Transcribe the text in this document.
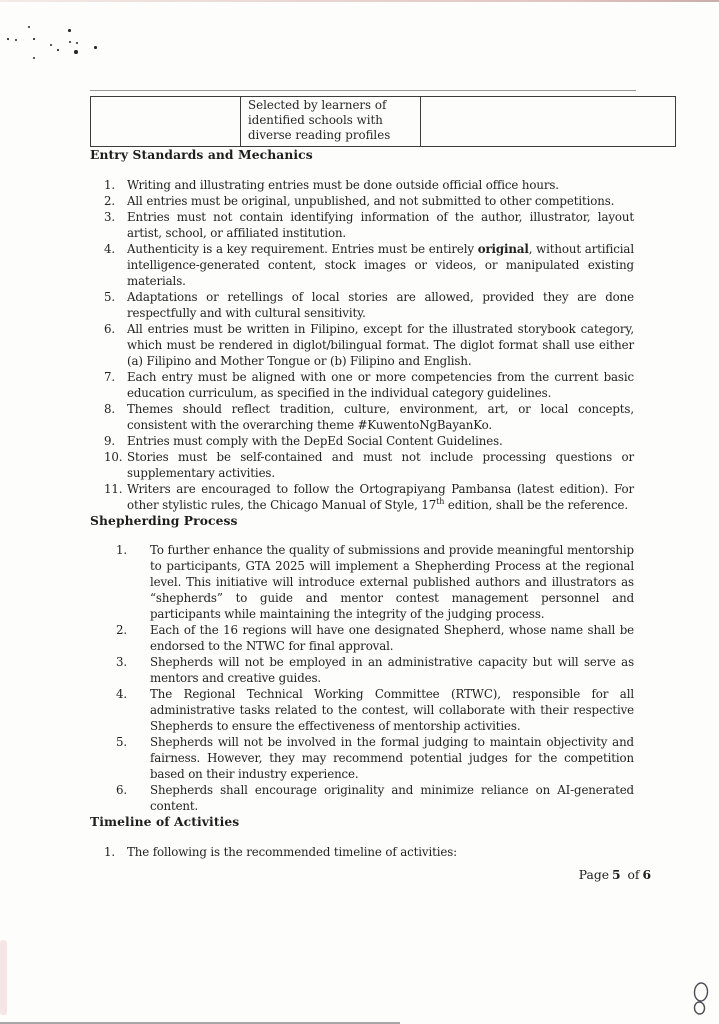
	Selected by learners of identified schools with diverse reading profiles	
Entry Standards and Mechanics
1.	Writing and illustrating entries must be done outside official office hours.
2.	All entries must be original, unpublished, and not submitted to other competitions.
3.	Entries must not contain identifying information of the author, illustrator, layout artist, school, or affiliated institution.
4.	Authenticity is a key requirement. Entries must be entirely original, without artificial intelligence-generated content, stock images or videos, or manipulated existing materials.
5.	Adaptations or retellings of local stories are allowed, provided they are done respectfully and with cultural sensitivity.
6.	All entries must be written in Filipino, except for the illustrated storybook category, which must be rendered in diglot/bilingual format. The diglot format shall use either (a) Filipino and Mother Tongue or (b) Filipino and English.
7.	Each entry must be aligned with one or more competencies from the current basic education curriculum, as specified in the individual category guidelines.
8.	Themes should reflect tradition, culture, environment, art, or local concepts, consistent with the overarching theme #KuwentoNgBayanKo.
9.	Entries must comply with the DepEd Social Content Guidelines.
10. Stories must be self-contained and must not include processing questions or supplementary activities.
11. Writers are encouraged to follow the Ortograpiyang Pambansa (latest edition). For other stylistic rules, the Chicago Manual of Style, 17th edition, shall be the reference.
Shepherding Process
1.	To further enhance the quality of submissions and provide meaningful mentorship to participants, GTA 2025 will implement a Shepherding Process at the regional level. This initiative will introduce external published authors and illustrators as “shepherds” to guide and mentor contest management personnel and participants while maintaining the integrity of the judging process.
2.	Each of the 16 regions will have one designated Shepherd, whose name shall be endorsed to the NTWC for final approval.
3.	Shepherds will not be employed in an administrative capacity but will serve as mentors and creative guides.
4.	The Regional Technical Working Committee (RTWC), responsible for all administrative tasks related to the contest, will collaborate with their respective Shepherds to ensure the effectiveness of mentorship activities.
5.	Shepherds will not be involved in the formal judging to maintain objectivity and fairness. However, they may recommend potential judges for the competition based on their industry experience.
6.	Shepherds shall encourage originality and minimize reliance on AI-generated content.
Timeline of Activities
1.	The following is the recommended timeline of activities:
Page 5 of 6
